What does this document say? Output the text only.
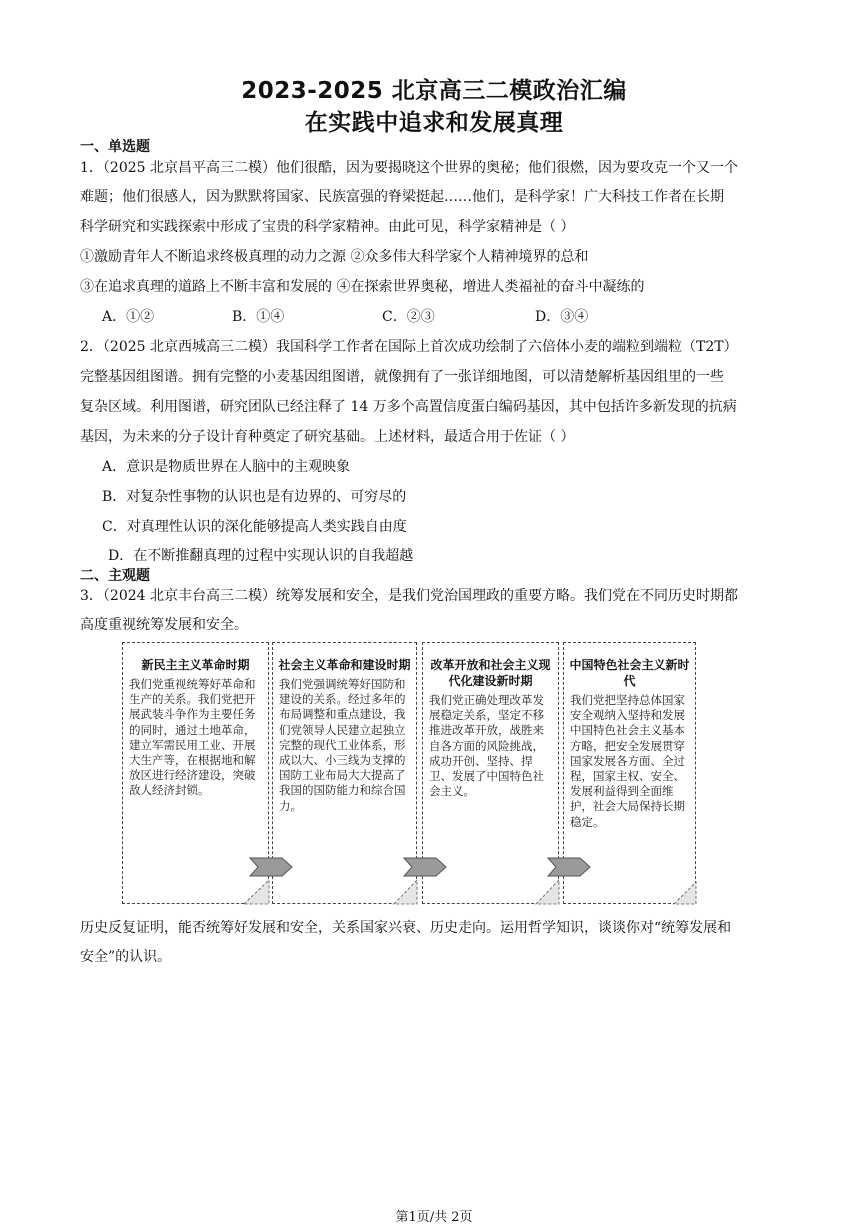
2023-2025 北京高三二模政治汇编
在实践中追求和发展真理
一、单选题
1．（2025 北京昌平高三二模）他们很酷，因为要揭晓这个世界的奥秘；他们很燃，因为要攻克一个又一个
难题；他们很感人，因为默默将国家、民族富强的脊梁挺起……他们，是科学家！广大科技工作者在长期
科学研究和实践探索中形成了宝贵的科学家精神。由此可见，科学家精神是（ ）
①激励青年人不断追求终极真理的动力之源 ②众多伟大科学家个人精神境界的总和
③在追求真理的道路上不断丰富和发展的 ④在探索世界奥秘，增进人类福祉的奋斗中凝练的
A．①②	B．①④	C．②③	D．③④
2．（2025 北京西城高三二模）我国科学工作者在国际上首次成功绘制了六倍体小麦的端粒到端粒（T2T）
完整基因组图谱。拥有完整的小麦基因组图谱，就像拥有了一张详细地图，可以清楚解析基因组里的一些
复杂区域。利用图谱，研究团队已经注释了 14 万多个高置信度蛋白编码基因，其中包括许多新发现的抗病
基因，为未来的分子设计育种奠定了研究基础。上述材料，最适合用于佐证（ ）
A．意识是物质世界在人脑中的主观映象
B．对复杂性事物的认识也是有边界的、可穷尽的
C．对真理性认识的深化能够提高人类实践自由度
D．在不断推翻真理的过程中实现认识的自我超越
二、主观题
3．（2024 北京丰台高三二模）统筹发展和安全，是我们党治国理政的重要方略。我们党在不同历史时期都
高度重视统筹发展和安全。
新民主主义革命时期
我们党重视统筹好革命和生产的关系。我们党把开展武装斗争作为主要任务的同时，通过土地革命，建立军需民用工业、开展大生产等，在根据地和解放区进行经济建设，突破敌人经济封锁。
社会主义革命和建设时期
我们党强调统筹好国防和建设的关系。经过多年的布局调整和重点建设，我们党领导人民建立起独立完整的现代工业体系，形成以大、小三线为支撑的国防工业布局大大提高了我国的国防能力和综合国力。
改革开放和社会主义现代化建设新时期
我们党正确处理改革发展稳定关系，坚定不移推进改革开放，战胜来自各方面的风险挑战，成功开创、坚持、捍卫、发展了中国特色社会主义。
中国特色社会主义新时代
我们党把坚持总体国家安全观纳入坚持和发展中国特色社会主义基本方略，把安全发展贯穿国家发展各方面、全过程，国家主权、安全、发展利益得到全面维护，社会大局保持长期稳定。
历史反复证明，能否统筹好发展和安全，关系国家兴衰、历史走向。运用哲学知识，谈谈你对“统筹发展和
安全”的认识。
第1页/共 2页
